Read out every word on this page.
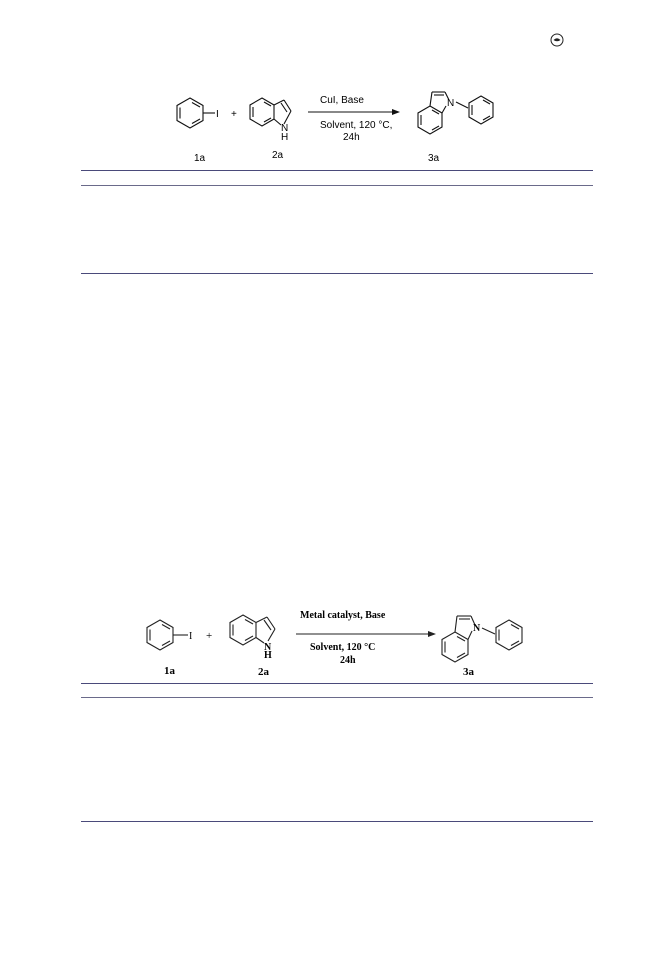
I +
N
H
CuI, Base
Solvent, 120 °C,
24h
N
1a	2a	3a
I +
N
H
Metal catalyst, Base
Solvent, 120 °C
24h
N
1a	2a	3a
